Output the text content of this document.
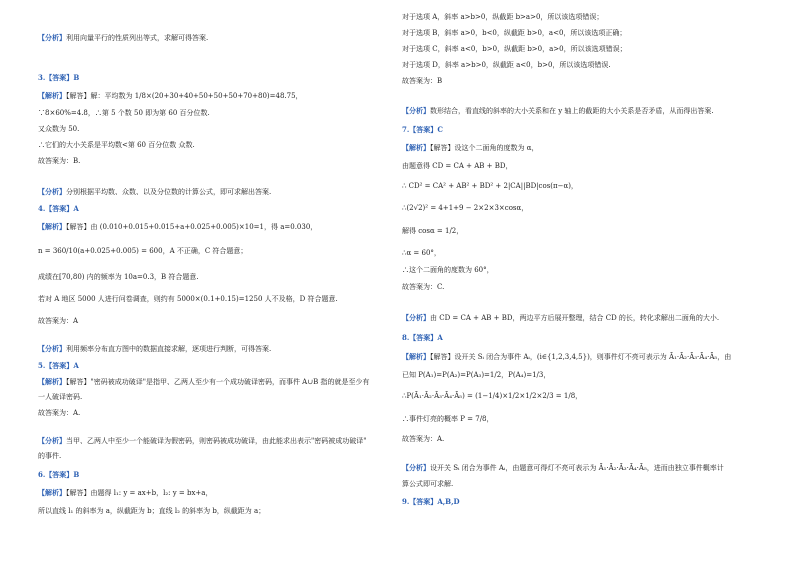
【分析】利用向量平行的性质列出等式，求解可得答案.
3.【答案】B
【解析】【解答】解：平均数为 1/8×(20+30+40+50+50+50+70+80)=48.75，
∵8×60%=4.8，∴第 5 个数 50 即为第 60 百分位数.
又众数为 50.
∴它们的大小关系是平均数<第 60 百分位数 众数.
故答案为：B.
【分析】分别根据平均数、众数、以及分位数的计算公式，即可求解出答案.
4.【答案】A
【解析】【解答】由 (0.010+0.015+0.015+a+0.025+0.005)×10=1，得 a=0.030，
n = 360/10(a+0.025+0.005) = 600，A 不正确，C 符合题意；
成绩在[70,80) 内的频率为 10a=0.3，B 符合题意.
若对 A 地区 5000 人进行问卷调查，则约有 5000×(0.1+0.15)=1250 人不及格，D 符合题意.
故答案为：A
【分析】利用频率分布直方图中的数据直接求解，逐项进行判断，可得答案.
5.【答案】A
【解析】【解答】"密码被成功破译"是指甲、乙两人至少有一个成功破译密码，而事件 A∪B 指的就是至少有
一人破译密码.
故答案为：A.
【分析】当甲、乙两人中至少一个能破译为假密码，则密码被成功破译，由此能求出表示"密码被成功破译"
的事件.
6.【答案】B
【解析】【解答】由题得 l₁: y = ax+b，l₂: y = bx+a，
所以直线 l₁ 的斜率为 a，纵截距为 b；直线 l₂ 的斜率为 b，纵截距为 a；
对于选项 A，斜率 a>b>0，纵截距 b>a>0，所以该选项错误；
对于选项 B，斜率 a>0，b<0，纵截距 b>0，a<0，所以该选项正确；
对于选项 C，斜率 a<0，b>0，纵截距 b>0，a>0，所以该选项错误；
对于选项 D，斜率 a>b>0，纵截距 a<0，b>0，所以该选项错误.
故答案为：B
【分析】数形结合，看直线的斜率的大小关系和在 y 轴上的截距的大小关系是否矛盾，从而得出答案.
7.【答案】C
【解析】【解答】设这个二面角的度数为 α，
由题意得 CD = CA + AB + BD，
∴ CD² = CA² + AB² + BD² + 2|CA||BD|cos(π−α)，
∴(2√2)² = 4+1+9 − 2×2×3×cosα，
解得 cosα = 1/2，
∴α = 60°，
∴这个二面角的度数为 60°，
故答案为：C.
【分析】由 CD = CA + AB + BD，两边平方后展开整理，结合 CD 的长，转化求解出二面角的大小.
8.【答案】A
【解析】【解答】设开关 Sᵢ 闭合为事件 Aᵢ，(i∈{1,2,3,4,5})，则事件灯不亮可表示为 Ā₁·Ā₂·Ā₃·Ā₄·Ā₅，由
已知 P(A₁)=P(A₂)=P(A₃)=1/2，P(A₄)=1/3，
∴P(Ā₁·Ā₂·Ā₃·Ā₄·Ā₅) = (1−1/4)×1/2×1/2×2/3 = 1/8，
∴事件灯亮的概率 P = 7/8，
故答案为：A.
【分析】设开关 Sᵢ 闭合为事件 Aᵢ，由题意可得灯不亮可表示为 Ā₁·Ā₂·Ā₃·Ā₄·Ā₅，进而由独立事件概率计
算公式即可求解.
9.【答案】A,B,D
